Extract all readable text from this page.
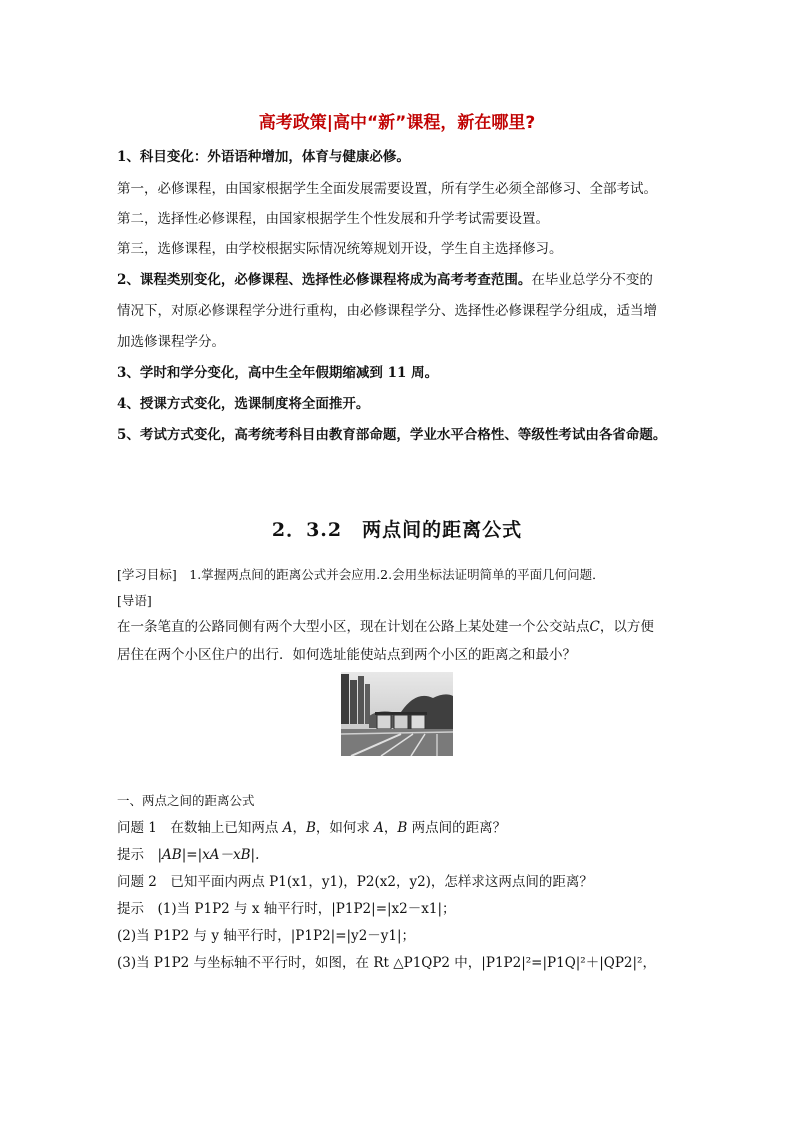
高考政策|高中“新”课程，新在哪里?
1、科目变化：外语语种增加，体育与健康必修。
第一，必修课程，由国家根据学生全面发展需要设置，所有学生必须全部修习、全部考试。
第二，选择性必修课程，由国家根据学生个性发展和升学考试需要设置。
第三，选修课程，由学校根据实际情况统筹规划开设，学生自主选择修习。
2、课程类别变化，必修课程、选择性必修课程将成为高考考查范围。在毕业总学分不变的
情况下，对原必修课程学分进行重构，由必修课程学分、选择性必修课程学分组成，适当增
加选修课程学分。
3、学时和学分变化，高中生全年假期缩减到 11 周。
4、授课方式变化，选课制度将全面推开。
5、考试方式变化，高考统考科目由教育部命题，学业水平合格性、等级性考试由各省命题。
2．3.2　两点间的距离公式
[学习目标]　 1.掌握两点间的距离公式并会应用.2.会用坐标法证明简单的平面几何问题．
[导语]
在一条笔直的公路同侧有两个大型小区，现在计划在公路上某处建一个公交站点C，以方便
居住在两个小区住户的出行．如何选址能使站点到两个小区的距离之和最小？
一、两点之间的距离公式
问题 1　 在数轴上已知两点 A，B，如何求 A，B 两点间的距离？
提示　 |AB|=|xA－xB|.
问题 2　 已知平面内两点 P1(x1，y1)，P2(x2，y2)，怎样求这两点间的距离？
提示　 (1)当 P1P2 与 x 轴平行时，|P1P2|=|x2－x1|；
(2)当 P1P2 与 y 轴平行时，|P1P2|=|y2－y1|；
(3)当 P1P2 与坐标轴不平行时，如图，在 Rt △P1QP2 中，|P1P2|²=|P1Q|²＋|QP2|²，
